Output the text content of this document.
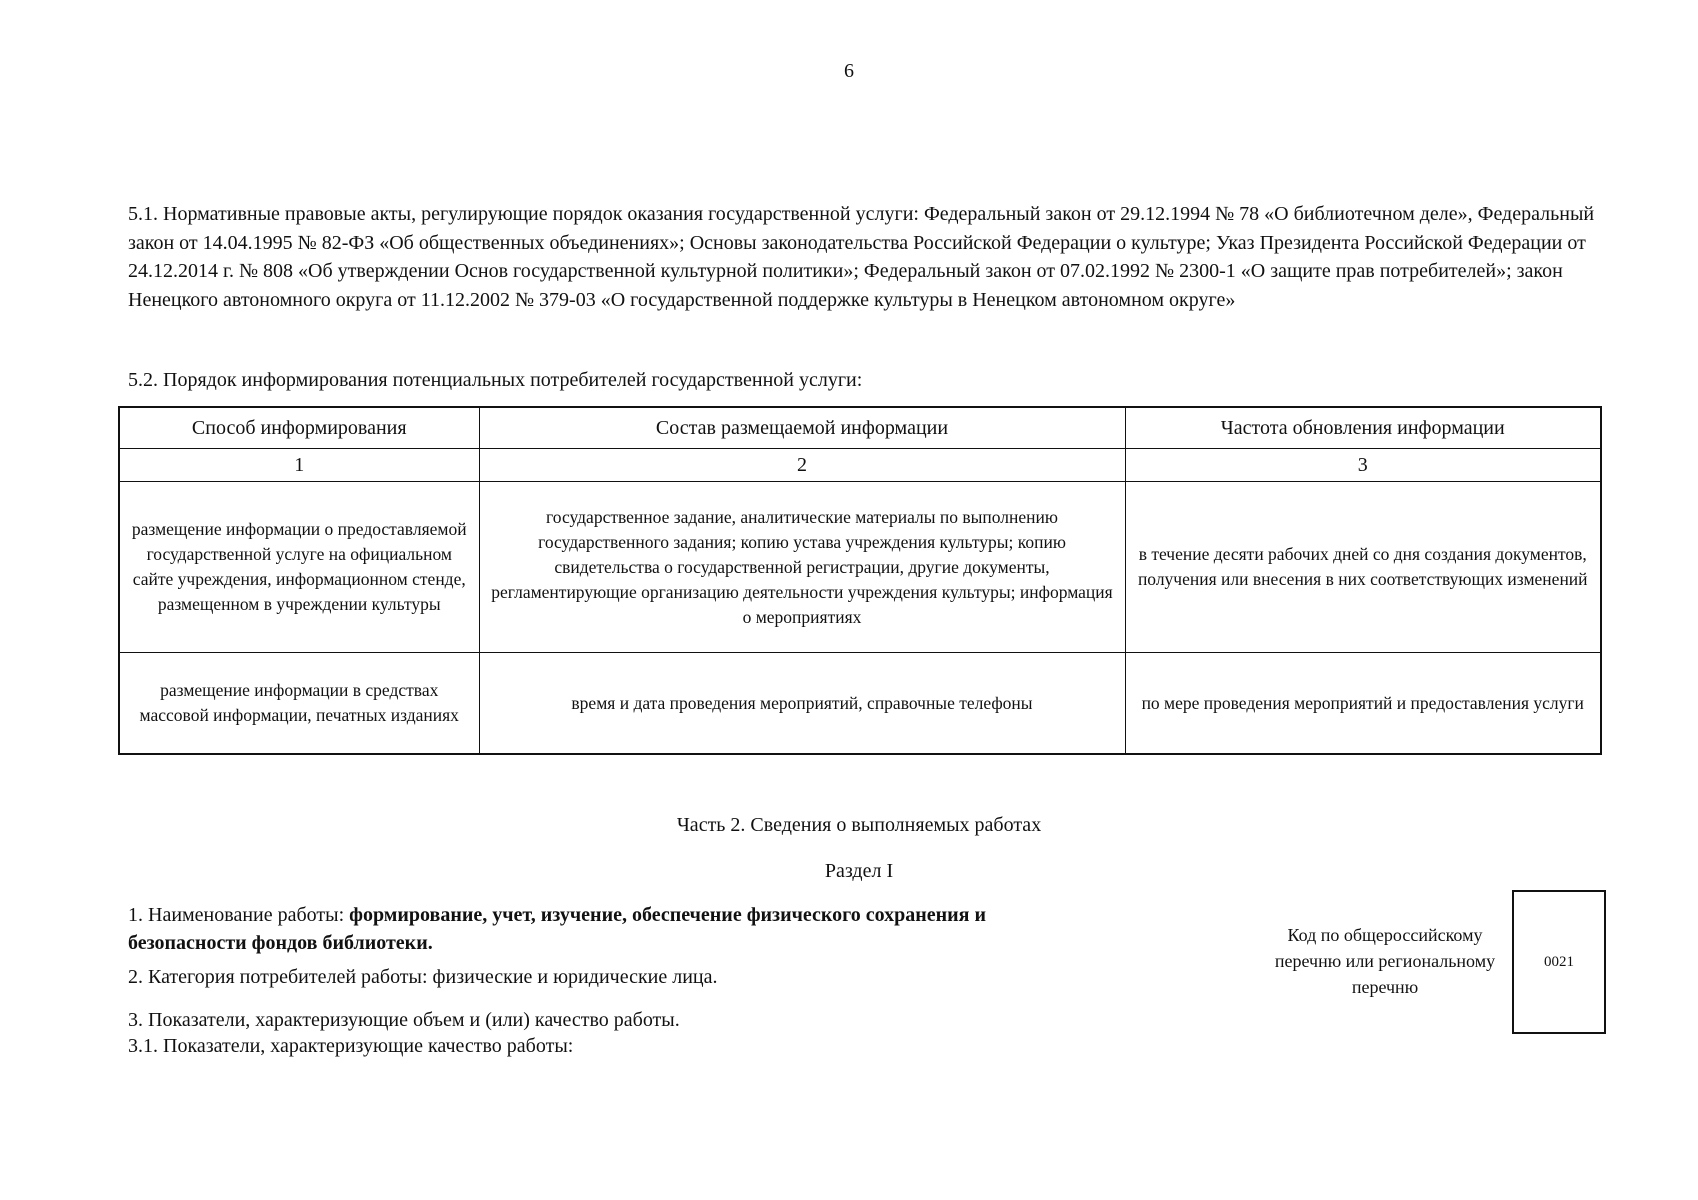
6
5.1. Нормативные правовые акты, регулирующие порядок оказания государственной услуги: Федеральный закон от 29.12.1994 № 78 «О библиотечном деле», Федеральный закон от 14.04.1995 № 82-ФЗ «Об общественных объединениях»; Основы законодательства Российской Федерации о культуре; Указ Президента Российской Федерации от 24.12.2014 г. № 808 «Об утверждении Основ государственной культурной политики»; Федеральный закон от 07.02.1992 № 2300-1 «О защите прав потребителей»; закон Ненецкого автономного округа от 11.12.2002 № 379-03 «О государственной поддержке культуры в Ненецком автономном округе»
5.2. Порядок информирования потенциальных потребителей государственной услуги:
Способ информирования	Состав размещаемой информации	Частота обновления информации
1	2	3
размещение информации о предоставляемой государственной услуге на официальном сайте учреждения, информационном стенде, размещенном в учреждении культуры	государственное задание, аналитические материалы по выполнению государственного задания; копию устава учреждения культуры; копию свидетельства о государственной регистрации, другие документы, регламентирующие организацию деятельности учреждения культуры; информация о мероприятиях	в течение десяти рабочих дней со дня создания документов, получения или внесения в них соответствующих изменений
размещение информации в средствах массовой информации, печатных изданиях	время и дата проведения мероприятий, справочные телефоны	по мере проведения мероприятий и предоставления услуги
Часть 2. Сведения о выполняемых работах
Раздел I
1. Наименование работы: формирование, учет, изучение, обеспечение физического сохранения и безопасности фондов библиотеки.
2. Категория потребителей работы: физические и юридические лица.
3. Показатели, характеризующие объем и (или) качество работы.
3.1. Показатели, характеризующие качество работы:
Код по общероссийскому перечню или региональному перечню
0021
